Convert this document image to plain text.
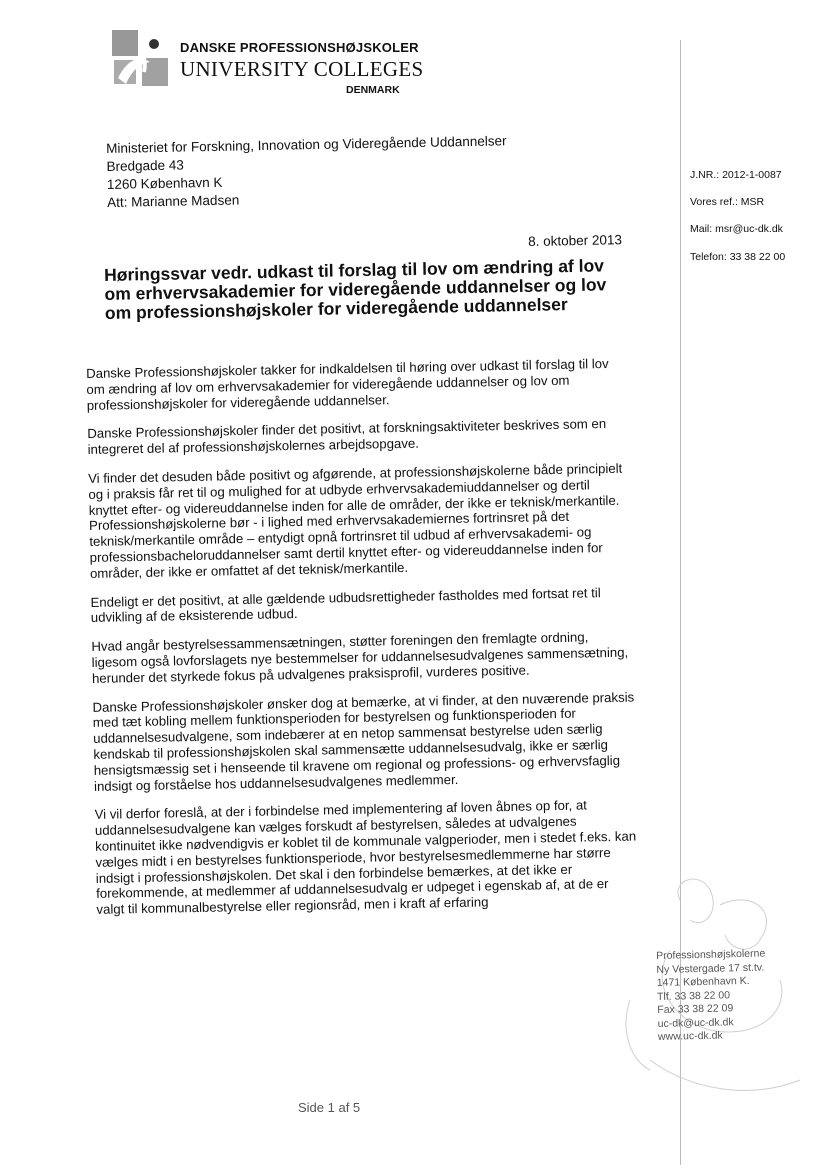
DANSKE PROFESSIONSHØJSKOLER
UNIVERSITY COLLEGES
DENMARK
Ministeriet for Forskning, Innovation og Videregående Uddannelser
Bredgade 43
1260 København K
Att: Marianne Madsen
8. oktober 2013
J.NR.: 2012-1-0087
Vores ref.: MSR
Mail: msr@uc-dk.dk
Telefon: 33 38 22 00
Høringssvar vedr. udkast til forslag til lov om ændring af lov om erhvervsakademier for videregående uddannelser og lov om professionshøjskoler for videregående uddannelser

Danske Professionshøjskoler takker for indkaldelsen til høring over udkast til forslag til lov om ændring af lov om erhvervsakademier for videregående uddannelser og lov om professionshøjskoler for videregående uddannelser.

Danske Professionshøjskoler finder det positivt, at forskningsaktiviteter beskrives som en integreret del af professionshøjskolernes arbejdsopgave.

Vi finder det desuden både positivt og afgørende, at professionshøjskolerne både principielt og i praksis får ret til og mulighed for at udbyde erhvervsakademiuddannelser og dertil knyttet efter- og videreuddannelse inden for alle de områder, der ikke er teknisk/merkantile. Professionshøjskolerne bør - i lighed med erhvervsakademiernes fortrinsret på det teknisk/merkantile område – entydigt opnå fortrinsret til udbud af erhvervsakademi- og professionsbacheloruddannelser samt dertil knyttet efter- og videreuddannelse inden for områder, der ikke er omfattet af det teknisk/merkantile.

Endeligt er det positivt, at alle gældende udbudsrettigheder fastholdes med fortsat ret til udvikling af de eksisterende udbud.

Hvad angår bestyrelsessammensætningen, støtter foreningen den fremlagte ordning, ligesom også lovforslagets nye bestemmelser for uddannelsesudvalgenes sammensætning, herunder det styrkede fokus på udvalgenes praksisprofil, vurderes positive.

Danske Professionshøjskoler ønsker dog at bemærke, at vi finder, at den nuværende praksis med tæt kobling mellem funktionsperioden for bestyrelsen og funktionsperioden for uddannelsesudvalgene, som indebærer at en netop sammensat bestyrelse uden særlig kendskab til professionshøjskolen skal sammensætte uddannelsesudvalg, ikke er særlig hensigtsmæssig set i henseende til kravene om regional og professions- og erhvervsfaglig indsigt og forståelse hos uddannelsesudvalgenes medlemmer.

Vi vil derfor foreslå, at der i forbindelse med implementering af loven åbnes op for, at uddannelsesudvalgene kan vælges forskudt af bestyrelsen, således at udvalgenes kontinuitet ikke nødvendigvis er koblet til de kommunale valgperioder, men i stedet f.eks. kan vælges midt i en bestyrelses funktionsperiode, hvor bestyrelsesmedlemmerne har større indsigt i professionshøjskolen. Det skal i den forbindelse bemærkes, at det ikke er forekommende, at medlemmer af uddannelsesudvalg er udpeget i egenskab af, at de er valgt til kommunalbestyrelse eller regionsråd, men i kraft af erfaring

Professionshøjskolerne
Ny Vestergade 17 st.tv.
1471 København K.
Tlf. 33 38 22 00
Fax 33 38 22 09
uc-dk@uc-dk.dk
www.uc-dk.dk
Side 1 af 5
